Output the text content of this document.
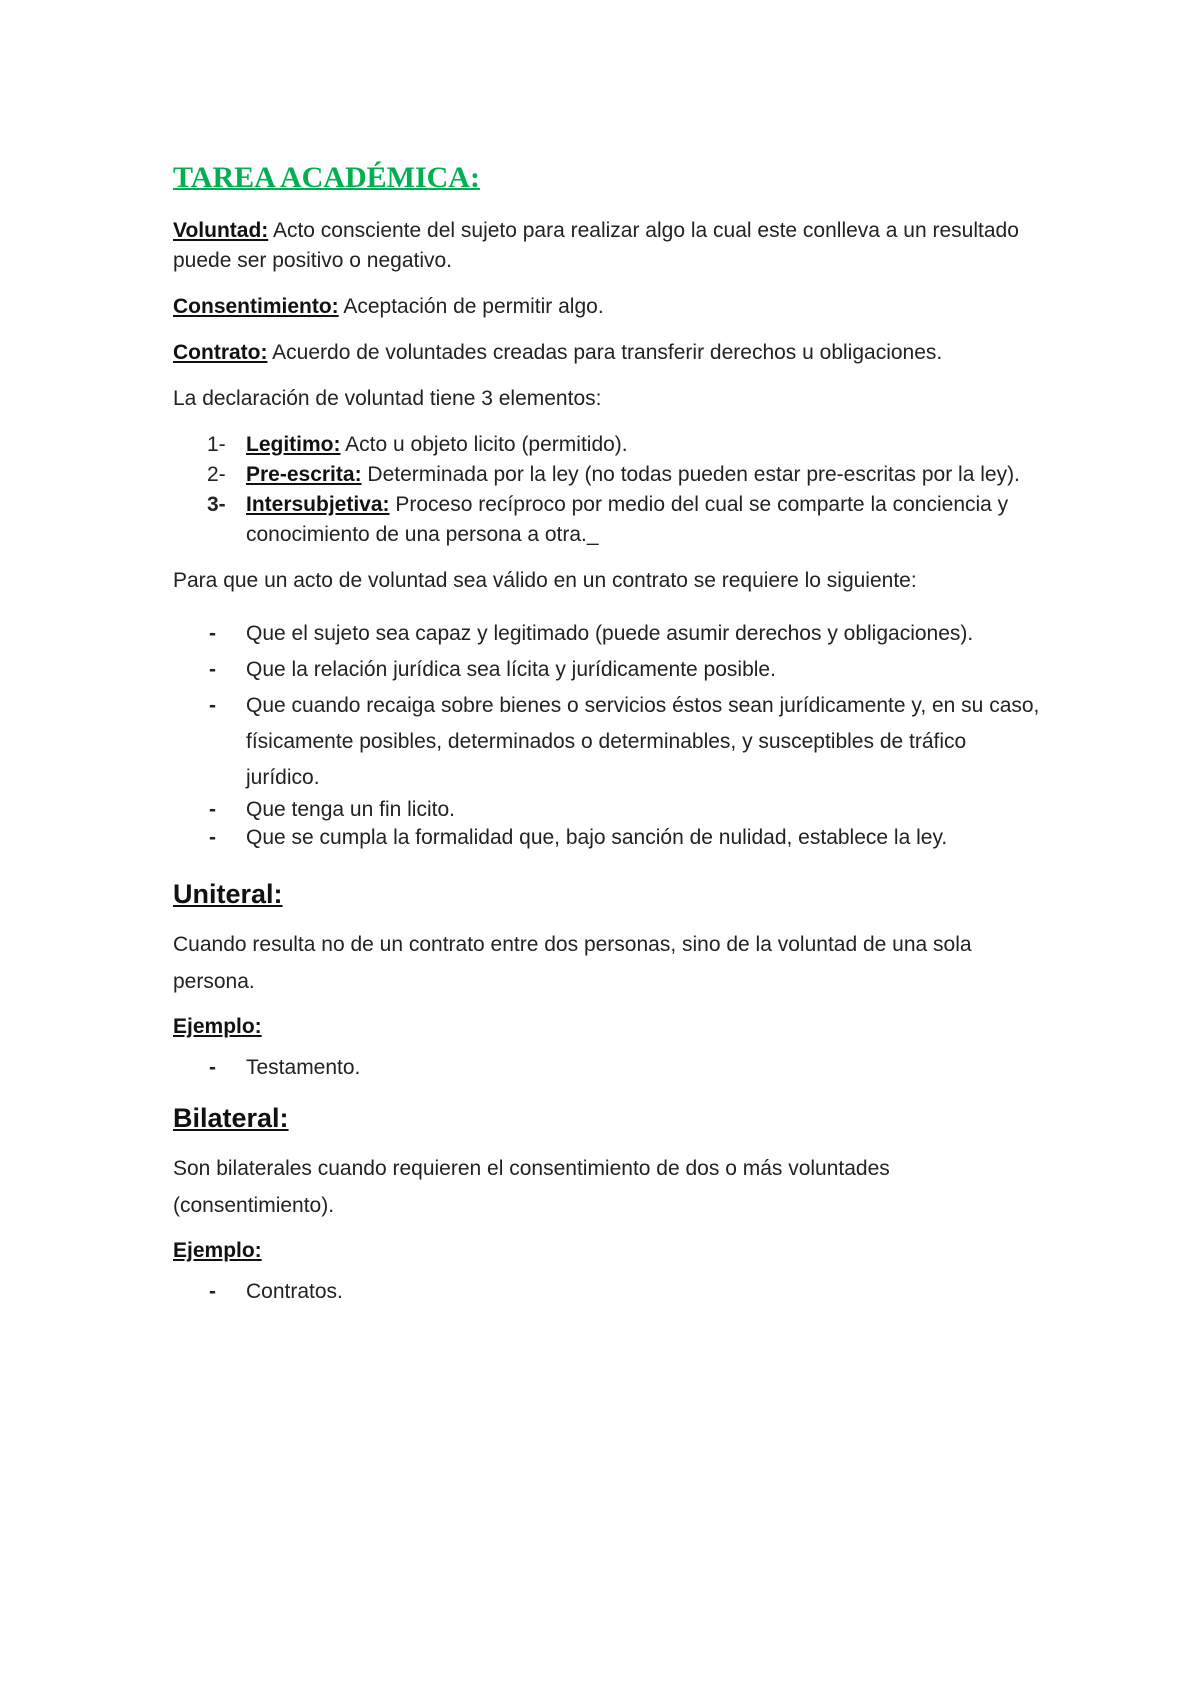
TAREA ACADÉMICA:

Voluntad: Acto consciente del sujeto para realizar algo la cual este conlleva a un resultado puede ser positivo o negativo.

Consentimiento: Aceptación de permitir algo.

Contrato: Acuerdo de voluntades creadas para transferir derechos u obligaciones.

La declaración de voluntad tiene 3 elementos:

1- Legitimo: Acto u objeto licito (permitido).
2- Pre-escrita: Determinada por la ley (no todas pueden estar pre-escritas por la ley).
3- Intersubjetiva: Proceso recíproco por medio del cual se comparte la conciencia y conocimiento de una persona a otra._

Para que un acto de voluntad sea válido en un contrato se requiere lo siguiente:

- Que el sujeto sea capaz y legitimado (puede asumir derechos y obligaciones).
- Que la relación jurídica sea lícita y jurídicamente posible.
- Que cuando recaiga sobre bienes o servicios éstos sean jurídicamente y, en su caso, físicamente posibles, determinados o determinables, y susceptibles de tráfico jurídico.
- Que tenga un fin licito.
- Que se cumpla la formalidad que, bajo sanción de nulidad, establece la ley.
Uniteral:

Cuando resulta no de un contrato entre dos personas, sino de la voluntad de una sola persona.

Ejemplo:

- Testamento.
Bilateral:

Son bilaterales cuando requieren el consentimiento de dos o más voluntades (consentimiento).

Ejemplo:

- Contratos.
